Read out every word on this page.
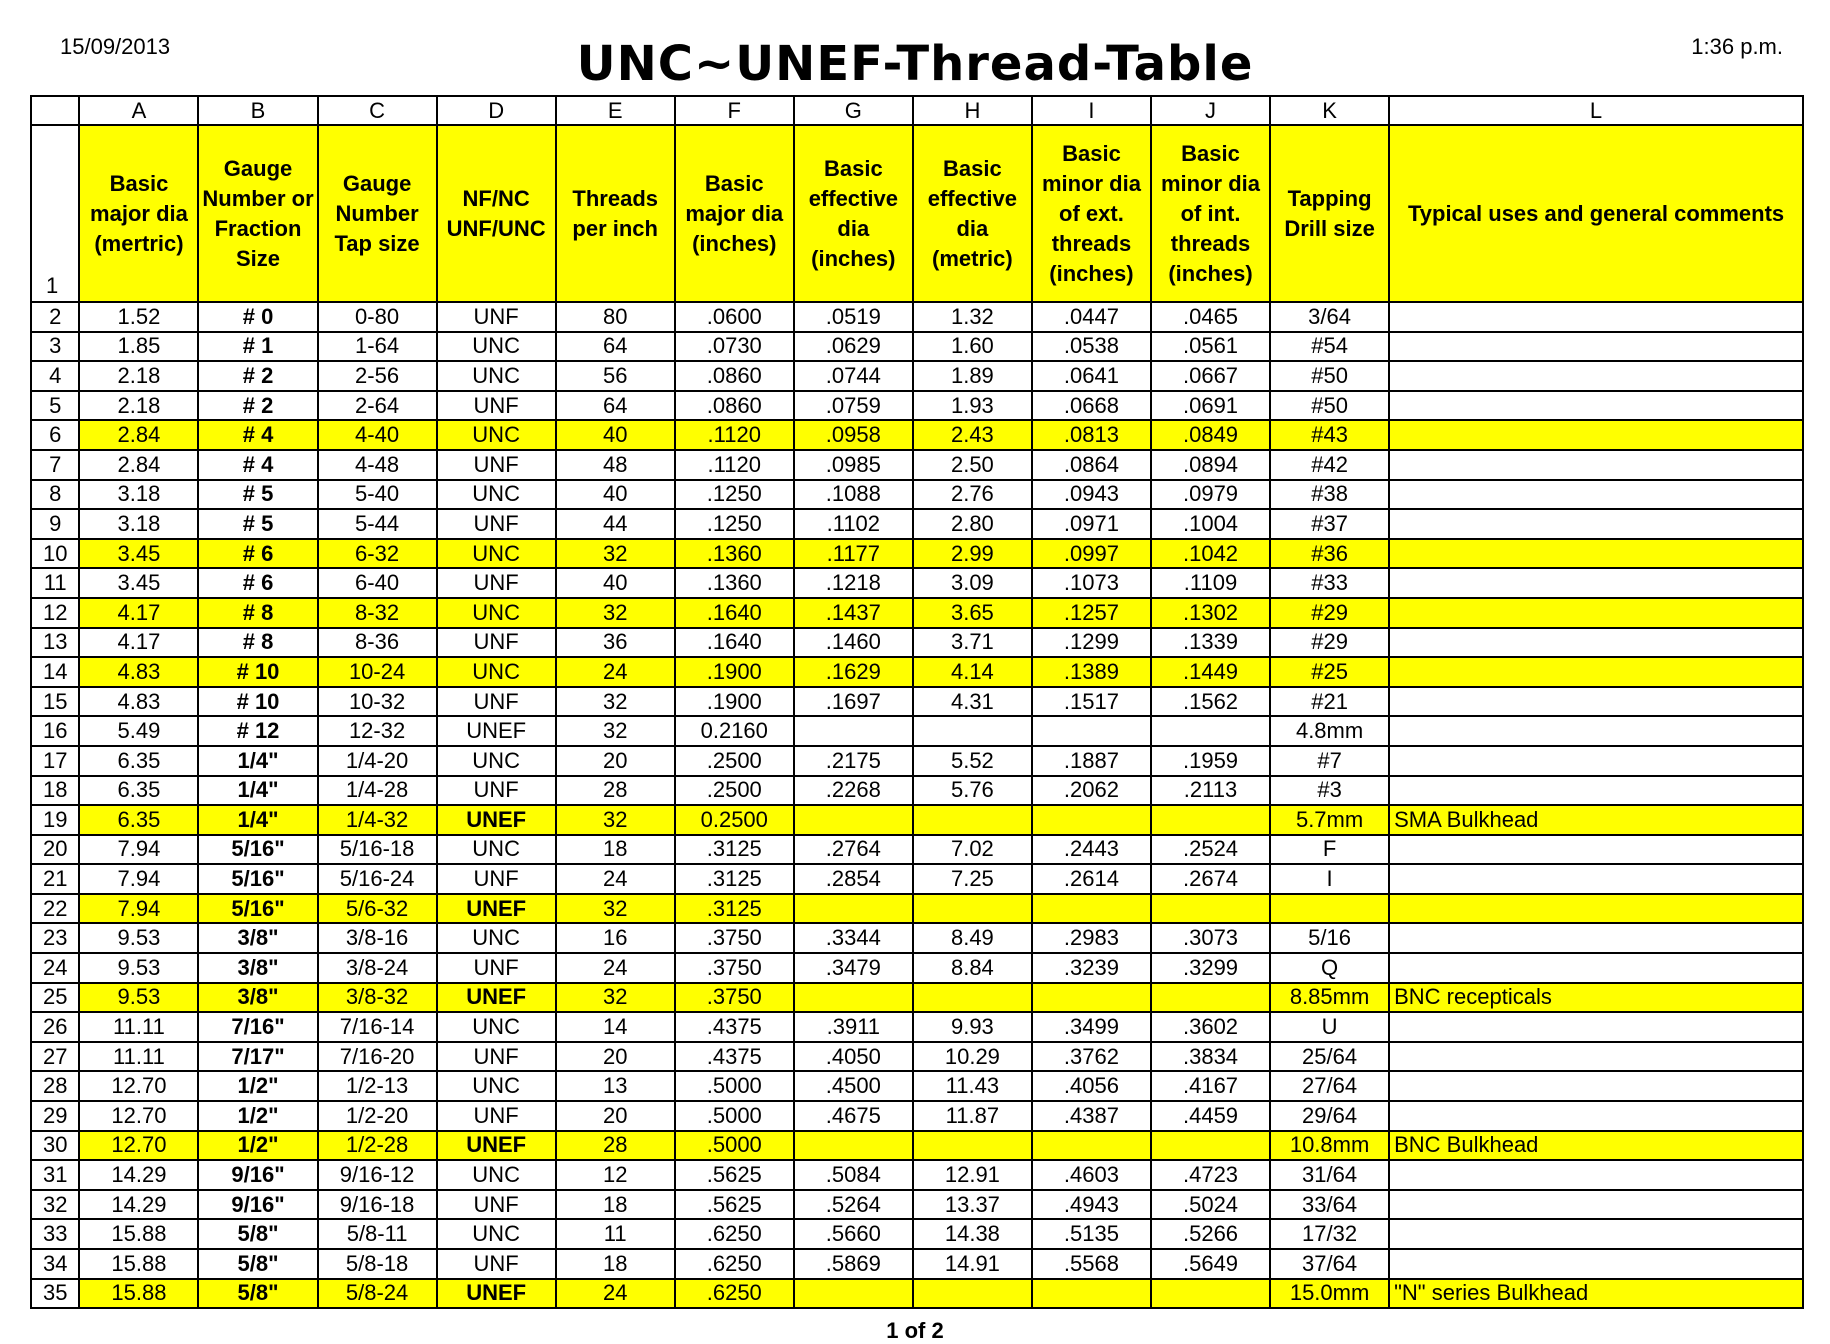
15/09/2013	UNC~UNEF-Thread-Table	1:36 p.m.
	A	B	C	D	E	F	G	H	I	J	K	L
1	Basic major dia (mertric)	Gauge Number or Fraction Size	Gauge Number Tap size	NF/NC UNF/UNC	Threads per inch	Basic major dia (inches)	Basic effective dia (inches)	Basic effective dia (metric)	Basic minor dia of ext. threads (inches)	Basic minor dia of int. threads (inches)	Tapping Drill size	Typical uses and general comments
2	1.52	# 0	0-80	UNF	80	.0600	.0519	1.32	.0447	.0465	3/64	
3	1.85	# 1	1-64	UNC	64	.0730	.0629	1.60	.0538	.0561	#54	
4	2.18	# 2	2-56	UNC	56	.0860	.0744	1.89	.0641	.0667	#50	
5	2.18	# 2	2-64	UNF	64	.0860	.0759	1.93	.0668	.0691	#50	
6	2.84	# 4	4-40	UNC	40	.1120	.0958	2.43	.0813	.0849	#43	
7	2.84	# 4	4-48	UNF	48	.1120	.0985	2.50	.0864	.0894	#42	
8	3.18	# 5	5-40	UNC	40	.1250	.1088	2.76	.0943	.0979	#38	
9	3.18	# 5	5-44	UNF	44	.1250	.1102	2.80	.0971	.1004	#37	
10	3.45	# 6	6-32	UNC	32	.1360	.1177	2.99	.0997	.1042	#36	
11	3.45	# 6	6-40	UNF	40	.1360	.1218	3.09	.1073	.1109	#33	
12	4.17	# 8	8-32	UNC	32	.1640	.1437	3.65	.1257	.1302	#29	
13	4.17	# 8	8-36	UNF	36	.1640	.1460	3.71	.1299	.1339	#29	
14	4.83	# 10	10-24	UNC	24	.1900	.1629	4.14	.1389	.1449	#25	
15	4.83	# 10	10-32	UNF	32	.1900	.1697	4.31	.1517	.1562	#21	
16	5.49	# 12	12-32	UNEF	32	0.2160					4.8mm	
17	6.35	1/4"	1/4-20	UNC	20	.2500	.2175	5.52	.1887	.1959	#7	
18	6.35	1/4"	1/4-28	UNF	28	.2500	.2268	5.76	.2062	.2113	#3	
19	6.35	1/4"	1/4-32	UNEF	32	0.2500					5.7mm	SMA Bulkhead
20	7.94	5/16"	5/16-18	UNC	18	.3125	.2764	7.02	.2443	.2524	F	
21	7.94	5/16"	5/16-24	UNF	24	.3125	.2854	7.25	.2614	.2674	I	
22	7.94	5/16"	5/6-32	UNEF	32	.3125						
23	9.53	3/8"	3/8-16	UNC	16	.3750	.3344	8.49	.2983	.3073	5/16	
24	9.53	3/8"	3/8-24	UNF	24	.3750	.3479	8.84	.3239	.3299	Q	
25	9.53	3/8"	3/8-32	UNEF	32	.3750					8.85mm	BNC recepticals
26	11.11	7/16"	7/16-14	UNC	14	.4375	.3911	9.93	.3499	.3602	U	
27	11.11	7/17"	7/16-20	UNF	20	.4375	.4050	10.29	.3762	.3834	25/64	
28	12.70	1/2"	1/2-13	UNC	13	.5000	.4500	11.43	.4056	.4167	27/64	
29	12.70	1/2"	1/2-20	UNF	20	.5000	.4675	11.87	.4387	.4459	29/64	
30	12.70	1/2"	1/2-28	UNEF	28	.5000					10.8mm	BNC Bulkhead
31	14.29	9/16"	9/16-12	UNC	12	.5625	.5084	12.91	.4603	.4723	31/64	
32	14.29	9/16"	9/16-18	UNF	18	.5625	.5264	13.37	.4943	.5024	33/64	
33	15.88	5/8"	5/8-11	UNC	11	.6250	.5660	14.38	.5135	.5266	17/32	
34	15.88	5/8"	5/8-18	UNF	18	.6250	.5869	14.91	.5568	.5649	37/64	
35	15.88	5/8"	5/8-24	UNEF	24	.6250					15.0mm	"N" series Bulkhead
1 of 2
